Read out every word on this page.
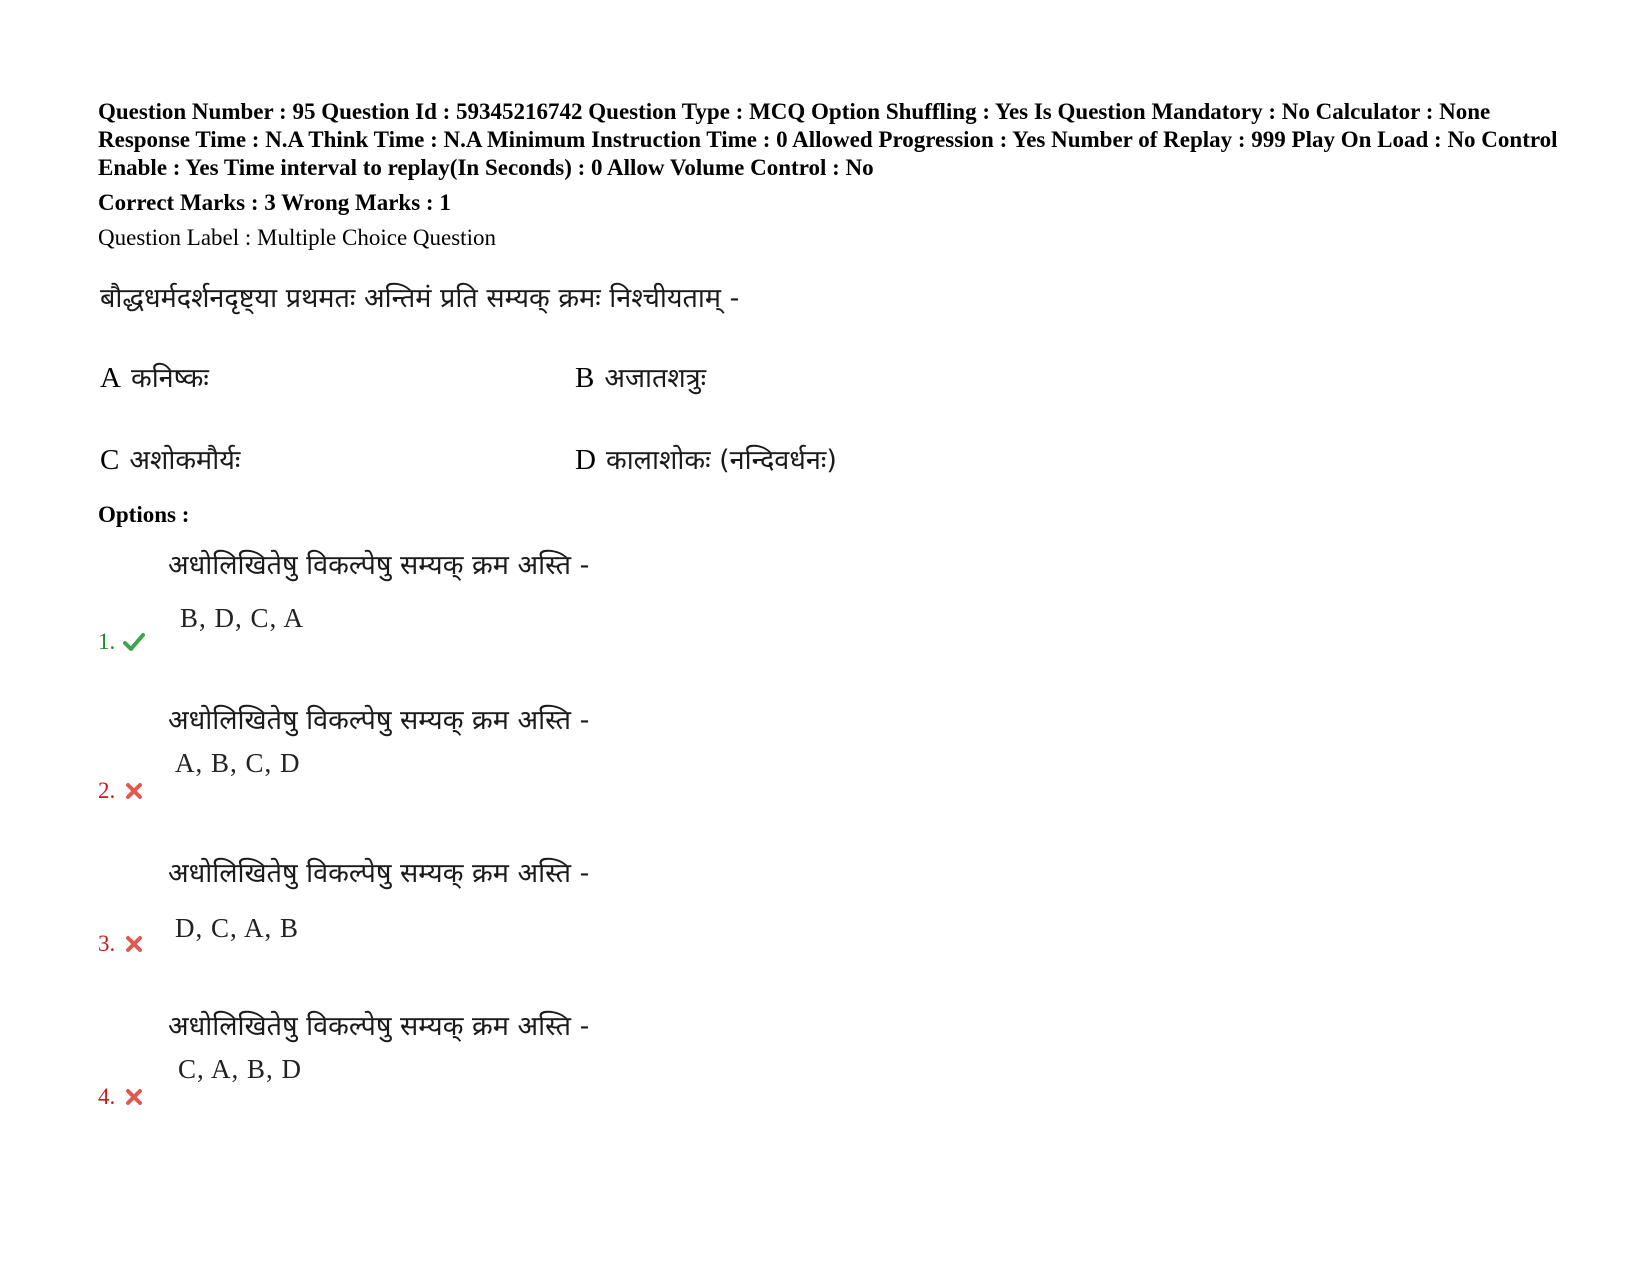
Question Number : 95 Question Id : 59345216742 Question Type : MCQ Option Shuffling : Yes Is Question Mandatory : No Calculator : None Response Time : N.A Think Time : N.A Minimum Instruction Time : 0 Allowed Progression : Yes Number of Replay : 999 Play On Load : No Control Enable : Yes Time interval to replay(In Seconds) : 0 Allow Volume Control : No

Correct Marks : 3 Wrong Marks : 1

Question Label : Multiple Choice Question

बौद्धधर्मदर्शनदृष्ट्या प्रथमतः अन्तिमं प्रति सम्यक् क्रमः निश्चीयताम् -

A कनिष्कः	B अजातशत्रुः
C अशोकमौर्यः	D कालाशोकः (नन्दिवर्धनः)

Options :

अधोलिखितेषु विकल्पेषु सम्यक् क्रम अस्ति -
B, D, C, A
1.
अधोलिखितेषु विकल्पेषु सम्यक् क्रम अस्ति -
A, B, C, D
2.
अधोलिखितेषु विकल्पेषु सम्यक् क्रम अस्ति -
D, C, A, B
3.
अधोलिखितेषु विकल्पेषु सम्यक् क्रम अस्ति -
C, A, B, D
4.
